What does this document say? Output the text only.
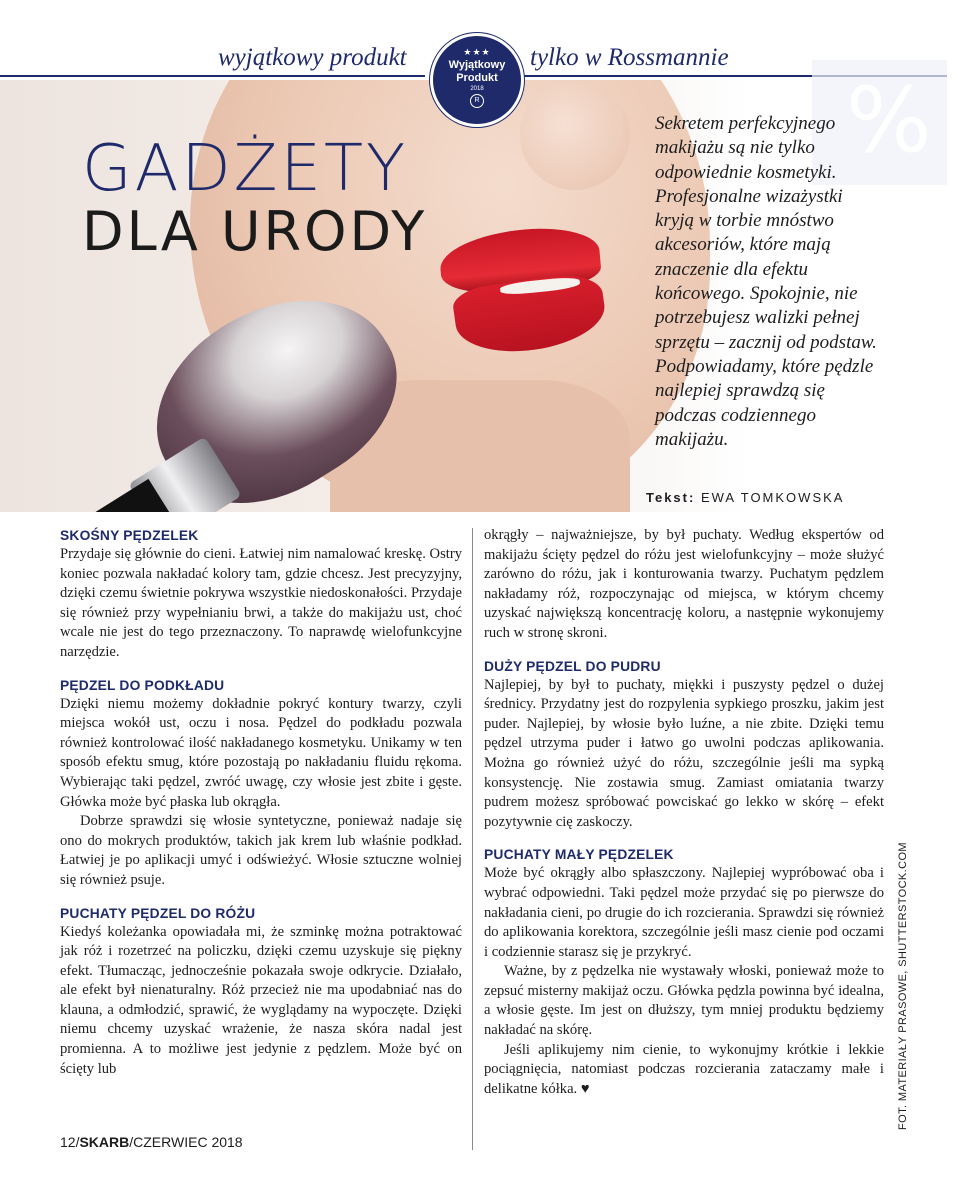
wyjątkowy produkt	tylko w Rossmannie
★★★
Wyjątkowy
Produkt
2018
R
%
GADŻETY
DLA URODY

Sekretem perfekcyjnego makijażu są nie tylko odpowiednie kosmetyki. Profesjonalne wizażystki kryją w torbie mnóstwo akcesoriów, które mają znaczenie dla efektu końcowego. Spokojnie, nie potrzebujesz walizki pełnej sprzętu – zacznij od podstaw. Podpowiadamy, które pędzle najlepiej sprawdzą się podczas codziennego makijażu.

Tekst: EWA TOMKOWSKA
SKOŚNY PĘDZELEK

Przydaje się głównie do cieni. Łatwiej nim namalować kreskę. Ostry koniec pozwala nakładać kolory tam, gdzie chcesz. Jest precyzyjny, dzięki czemu świetnie pokrywa wszystkie niedoskonałości. Przydaje się również przy wypełnianiu brwi, a także do makijażu ust, choć wcale nie jest do tego przeznaczony. To naprawdę wielofunkcyjne narzędzie.

PĘDZEL DO PODKŁADU

Dzięki niemu możemy dokładnie pokryć kontury twarzy, czyli miejsca wokół ust, oczu i nosa. Pędzel do podkładu pozwala również kontrolować ilość nakładanego kosmetyku. Unikamy w ten sposób efektu smug, które pozostają po nakładaniu fluidu rękoma. Wybierając taki pędzel, zwróć uwagę, czy włosie jest zbite i gęste. Główka może być płaska lub okrągła.

Dobrze sprawdzi się włosie syntetyczne, ponieważ nadaje się ono do mokrych produktów, takich jak krem lub właśnie podkład. Łatwiej je po aplikacji umyć i odświeżyć. Włosie sztuczne wolniej się również psuje.

PUCHATY PĘDZEL DO RÓŻU

Kiedyś koleżanka opowiadała mi, że szminkę można potraktować jak róż i rozetrzeć na policzku, dzięki czemu uzyskuje się piękny efekt. Tłumacząc, jednocześnie pokazała swoje odkrycie. Działało, ale efekt był nienaturalny. Róż przecież nie ma upodabniać nas do klauna, a odmłodzić, sprawić, że wyglądamy na wypoczęte. Dzięki niemu chcemy uzyskać wrażenie, że nasza skóra nadal jest promienna. A to możliwe jest jedynie z pędzlem. Może być on ścięty lub

okrągły – najważniejsze, by był puchaty. Według ekspertów od makijażu ścięty pędzel do różu jest wielofunkcyjny – może służyć zarówno do różu, jak i konturowania twarzy. Puchatym pędzlem nakładamy róż, rozpoczynając od miejsca, w którym chcemy uzyskać największą koncentrację koloru, a następnie wykonujemy ruch w stronę skroni.

DUŻY PĘDZEL DO PUDRU

Najlepiej, by był to puchaty, miękki i puszysty pędzel o dużej średnicy. Przydatny jest do rozpylenia sypkiego proszku, jakim jest puder. Najlepiej, by włosie było luźne, a nie zbite. Dzięki temu pędzel utrzyma puder i łatwo go uwolni podczas aplikowania. Można go również użyć do różu, szczególnie jeśli ma sypką konsystencję. Nie zostawia smug. Zamiast omiatania twarzy pudrem możesz spróbować powciskać go lekko w skórę – efekt pozytywnie cię zaskoczy.

PUCHATY MAŁY PĘDZELEK

Może być okrągły albo spłaszczony. Najlepiej wypróbować oba i wybrać odpowiedni. Taki pędzel może przydać się po pierwsze do nakładania cieni, po drugie do ich rozcierania. Sprawdzi się również do aplikowania korektora, szczególnie jeśli masz cienie pod oczami i codziennie starasz się je przykryć.

Ważne, by z pędzelka nie wystawały włoski, ponieważ może to zepsuć misterny makijaż oczu. Główka pędzla powinna być idealna, a włosie gęste. Im jest on dłuższy, tym mniej produktu będziemy nakładać na skórę.

Jeśli aplikujemy nim cienie, to wykonujmy krótkie i lekkie pociągnięcia, natomiast podczas rozcierania zataczamy małe i delikatne kółka. ♥	FOT. MATERIAŁY PRASOWE, SHUTTERSTOCK.COM
12/SKARB/CZERWIEC 2018
